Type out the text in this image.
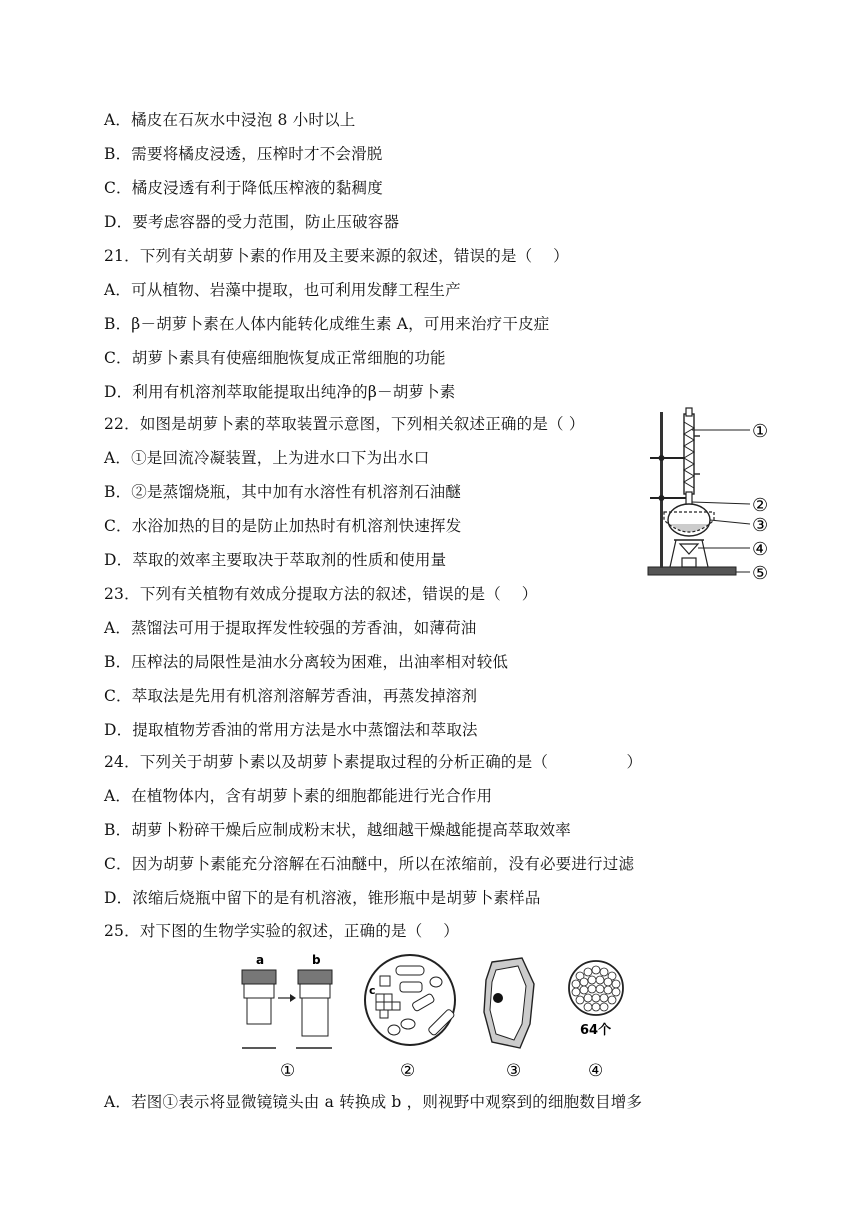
A．橘皮在石灰水中浸泡 8 小时以上
B．需要将橘皮浸透，压榨时才不会滑脱
C．橘皮浸透有利于降低压榨液的黏稠度
D．要考虑容器的受力范围，防止压破容器
21．下列有关胡萝卜素的作用及主要来源的叙述，错误的是（　 ）
A．可从植物、岩藻中提取，也可利用发酵工程生产
B．β－胡萝卜素在人体内能转化成维生素 A，可用来治疗干皮症
C．胡萝卜素具有使癌细胞恢复成正常细胞的功能
D．利用有机溶剂萃取能提取出纯净的β－胡萝卜素
22．如图是胡萝卜素的萃取装置示意图，下列相关叙述正确的是（ ）
A．①是回流冷凝装置，上为进水口下为出水口
B．②是蒸馏烧瓶，其中加有水溶性有机溶剂石油醚
C．水浴加热的目的是防止加热时有机溶剂快速挥发
D．萃取的效率主要取决于萃取剂的性质和使用量
23．下列有关植物有效成分提取方法的叙述，错误的是（　 ）
A．蒸馏法可用于提取挥发性较强的芳香油，如薄荷油
B．压榨法的局限性是油水分离较为困难，出油率相对较低
C．萃取法是先用有机溶剂溶解芳香油，再蒸发掉溶剂
D．提取植物芳香油的常用方法是水中蒸馏法和萃取法
24．下列关于胡萝卜素以及胡萝卜素提取过程的分析正确的是（　　　　　）
A．在植物体内，含有胡萝卜素的细胞都能进行光合作用
B．胡萝卜粉碎干燥后应制成粉末状，越细越干燥越能提高萃取效率
C．因为胡萝卜素能充分溶解在石油醚中，所以在浓缩前，没有必要进行过滤
D．浓缩后烧瓶中留下的是有机溶液，锥形瓶中是胡萝卜素样品
25．对下图的生物学实验的叙述，正确的是（　 ）
A．若图①表示将显微镜镜头由 a 转换成 b ，则视野中观察到的细胞数目增多
①
②
③
④
⑤
a	b
①
c
②	③
64个
④
